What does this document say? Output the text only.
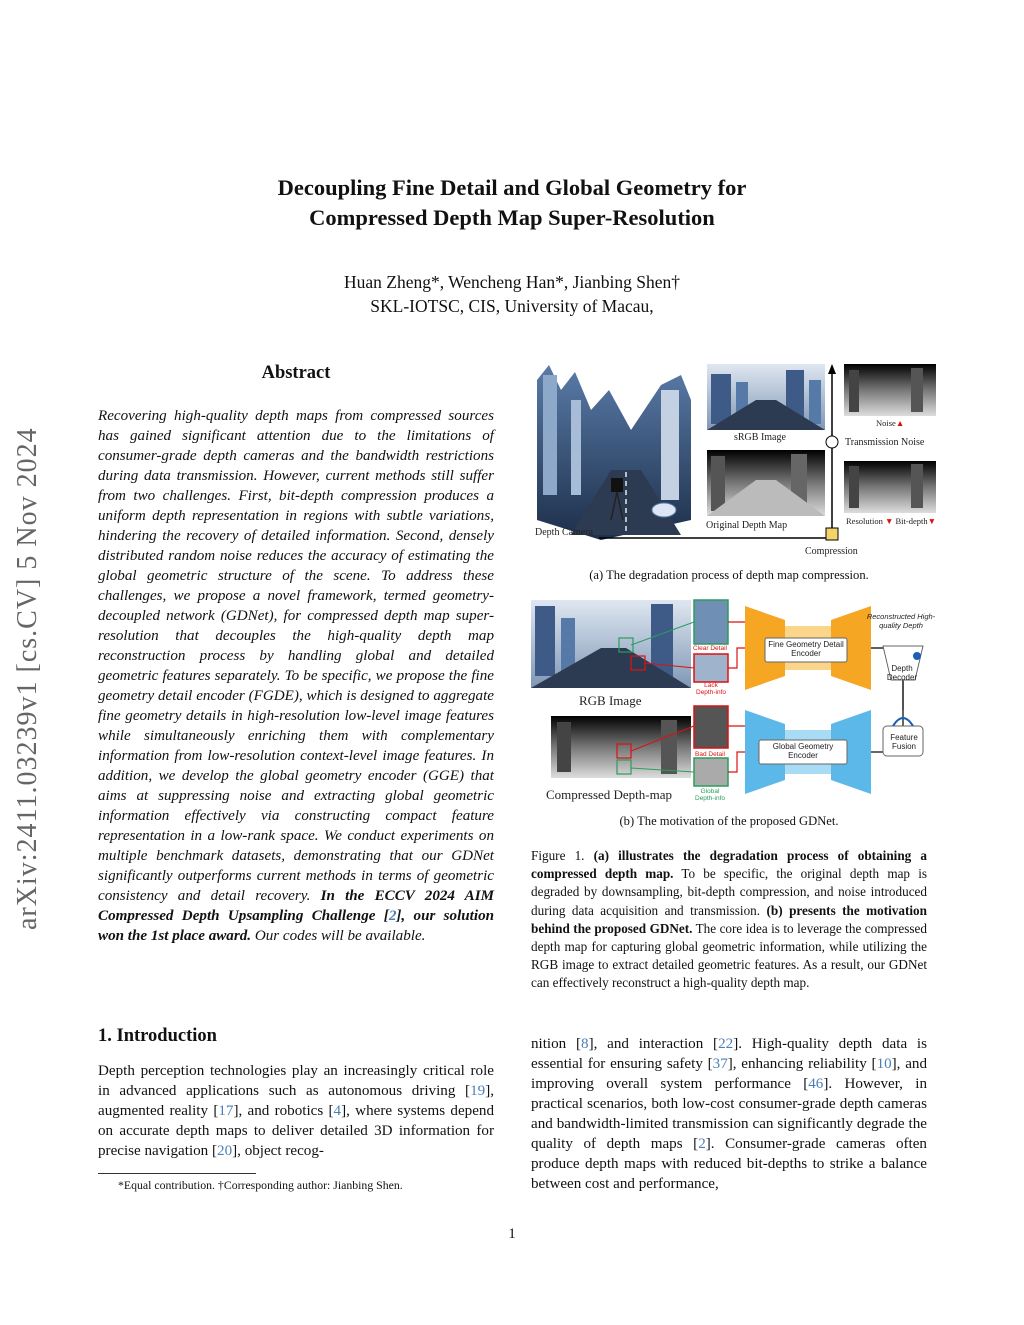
arXiv:2411.03239v1 [cs.CV] 5 Nov 2024
Decoupling Fine Detail and Global Geometry for
Compressed Depth Map Super-Resolution
Huan Zheng*, Wencheng Han*, Jianbing Shen†
SKL-IOTSC, CIS, University of Macau,
Abstract
Recovering high-quality depth maps from compressed sources has gained significant attention due to the limitations of consumer-grade depth cameras and the bandwidth restrictions during data transmission. However, current methods still suffer from two challenges. First, bit-depth compression produces a uniform depth representation in regions with subtle variations, hindering the recovery of detailed information. Second, densely distributed random noise reduces the accuracy of estimating the global geometric structure of the scene. To address these challenges, we propose a novel framework, termed geometry-decoupled network (GDNet), for compressed depth map super-resolution that decouples the high-quality depth map reconstruction process by handling global and detailed geometric features separately. To be specific, we propose the fine geometry detail encoder (FGDE), which is designed to aggregate fine geometry details in high-resolution low-level image features while simultaneously enriching them with complementary information from low-resolution context-level image features. In addition, we develop the global geometry encoder (GGE) that aims at suppressing noise and extracting global geometric information effectively via constructing compact feature representation in a low-rank space. We conduct experiments on multiple benchmark datasets, demonstrating that our GDNet significantly outperforms current methods in terms of geometric consistency and detail recovery. In the ECCV 2024 AIM Compressed Depth Upsampling Challenge [2], our solution won the 1st place award. Our codes will be available.
1. Introduction
Depth perception technologies play an increasingly critical role in advanced applications such as autonomous driving [19], augmented reality [17], and robotics [4], where systems depend on accurate depth maps to deliver detailed 3D information for precise navigation [20], object recog-
*Equal contribution. †Corresponding author: Jianbing Shen.
1
sRGB Image
Original Depth Map
Depth Camera
Noise▲
Transmission Noise
Resolution ▼ Bit-depth▼
Compression
(a) The degradation process of depth map compression.
RGB Image
Compressed Depth-map
Clear Detail
Lack Depth-info
Bad Detail
Global Depth-info
Fine Geometry Detail Encoder
Global Geometry Encoder
Reconstructed High-quality Depth
Depth Decoder
Feature Fusion
(b) The motivation of the proposed GDNet.
Figure 1. (a) illustrates the degradation process of obtaining a compressed depth map. To be specific, the original depth map is degraded by downsampling, bit-depth compression, and noise introduced during data acquisition and transmission. (b) presents the motivation behind the proposed GDNet. The core idea is to leverage the compressed depth map for capturing global geometric information, while utilizing the RGB image to extract detailed geometric features. As a result, our GDNet can effectively reconstruct a high-quality depth map.
nition [8], and interaction [22]. High-quality depth data is essential for ensuring safety [37], enhancing reliability [10], and improving overall system performance [46]. However, in practical scenarios, both low-cost consumer-grade depth cameras and bandwidth-limited transmission can significantly degrade the quality of depth maps [2]. Consumer-grade cameras often produce depth maps with reduced bit-depths to strike a balance between cost and performance,
